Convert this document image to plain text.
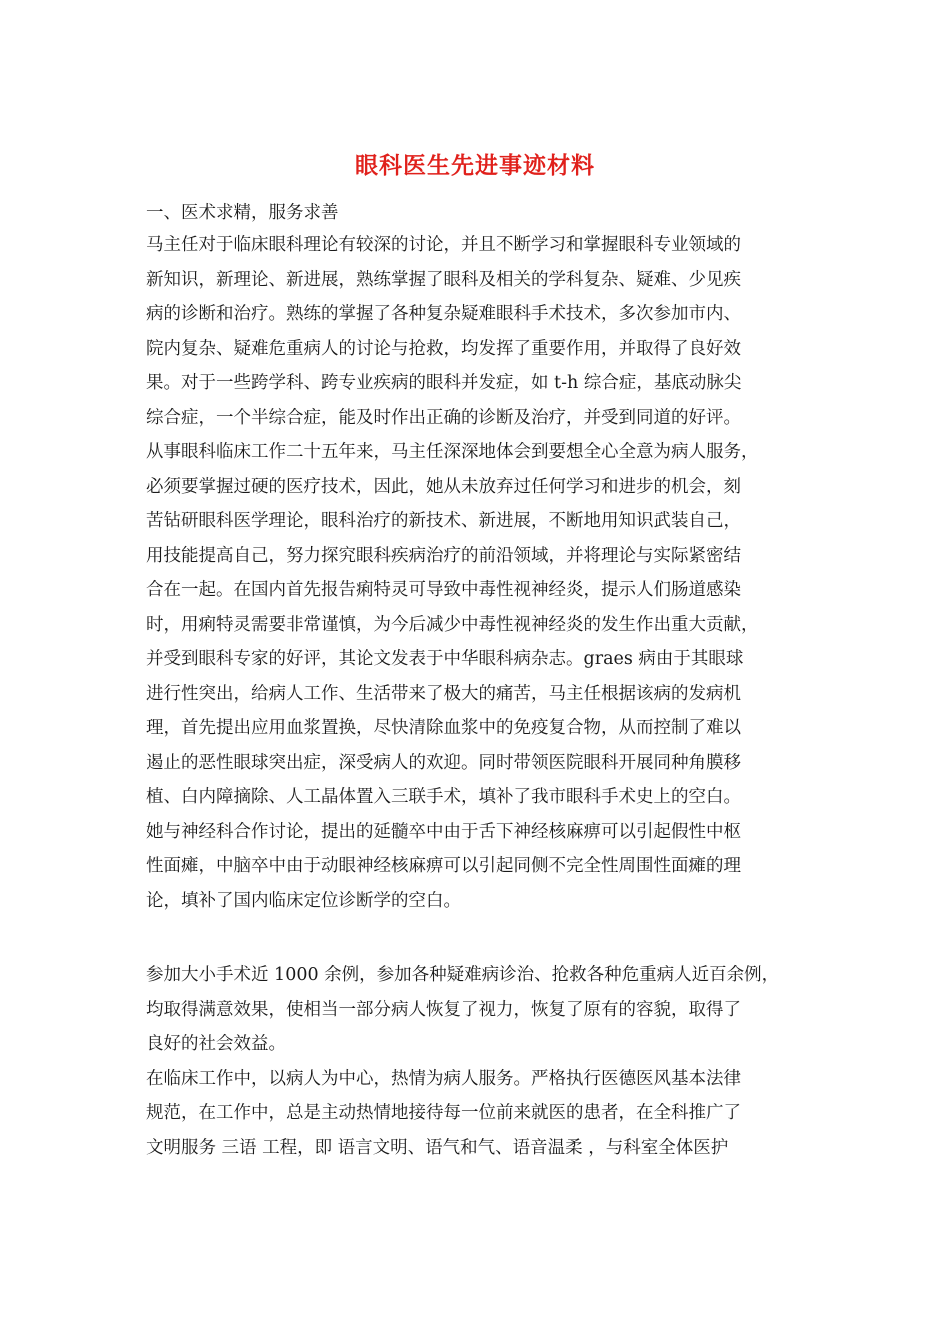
眼科医生先进事迹材料
一、医术求精，服务求善
马主任对于临床眼科理论有较深的讨论，并且不断学习和掌握眼科专业领域的
新知识，新理论、新进展，熟练掌握了眼科及相关的学科复杂、疑难、少见疾
病的诊断和治疗。熟练的掌握了各种复杂疑难眼科手术技术，多次参加市内、
院内复杂、疑难危重病人的讨论与抢救，均发挥了重要作用，并取得了良好效
果。对于一些跨学科、跨专业疾病的眼科并发症，如 t-h 综合症，基底动脉尖
综合症，一个半综合症，能及时作出正确的诊断及治疗，并受到同道的好评。
从事眼科临床工作二十五年来，马主任深深地体会到要想全心全意为病人服务，
必须要掌握过硬的医疗技术，因此，她从未放弃过任何学习和进步的机会，刻
苦钻研眼科医学理论，眼科治疗的新技术、新进展，不断地用知识武装自己，
用技能提高自己，努力探究眼科疾病治疗的前沿领域，并将理论与实际紧密结
合在一起。在国内首先报告痢特灵可导致中毒性视神经炎，提示人们肠道感染
时，用痢特灵需要非常谨慎，为今后减少中毒性视神经炎的发生作出重大贡献，
并受到眼科专家的好评，其论文发表于中华眼科病杂志。graes 病由于其眼球
进行性突出，给病人工作、生活带来了极大的痛苦，马主任根据该病的发病机
理，首先提出应用血浆置换，尽快清除血浆中的免疫复合物，从而控制了难以
遏止的恶性眼球突出症，深受病人的欢迎。同时带领医院眼科开展同种角膜移
植、白内障摘除、人工晶体置入三联手术，填补了我市眼科手术史上的空白。
她与神经科合作讨论，提出的延髓卒中由于舌下神经核麻痹可以引起假性中枢
性面瘫，中脑卒中由于动眼神经核麻痹可以引起同侧不完全性周围性面瘫的理
论，填补了国内临床定位诊断学的空白。
参加大小手术近 1000 余例，参加各种疑难病诊治、抢救各种危重病人近百余例，
均取得满意效果，使相当一部分病人恢复了视力，恢复了原有的容貌，取得了
良好的社会效益。
在临床工作中，以病人为中心，热情为病人服务。严格执行医德医风基本法律
规范，在工作中，总是主动热情地接待每一位前来就医的患者，在全科推广了
文明服务 三语 工程，即 语言文明、语气和气、语音温柔 ，与科室全体医护
